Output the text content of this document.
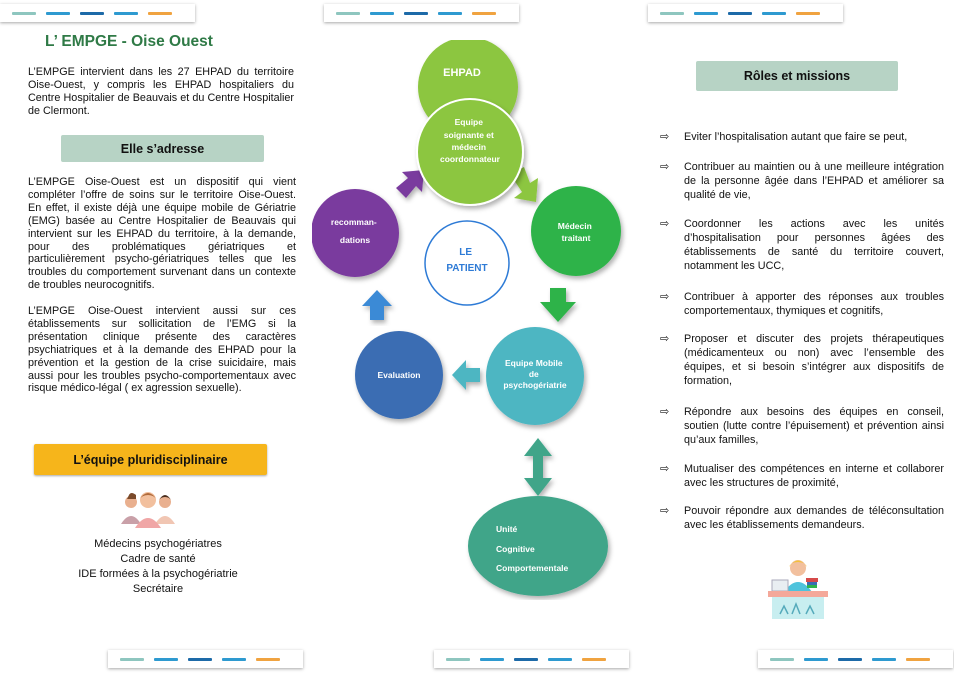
L’ EMPGE - Oise Ouest

L’EMPGE intervient dans les 27 EHPAD du territoire Oise-Ouest, y compris les EHPAD hospitaliers du Centre Hospitalier de Beauvais et du Centre Hospitalier de Clermont.

Elle s’adresse

L’EMPGE Oise-Ouest est un dispositif qui vient compléter l’offre de soins sur le territoire Oise-Ouest. En effet, il existe déjà une équipe mobile de Gériatrie (EMG) basée au Centre Hospitalier de Beauvais qui intervient sur les EHPAD du territoire, à la demande, pour des problématiques gériatriques et particulièrement psycho-gériatriques telles que les troubles du comportement survenant dans un contexte de troubles neurocognitifs.

L’EMPGE Oise-Ouest intervient aussi sur ces établissements sur sollicitation de l’EMG si la présentation clinique présente des caractères psychiatriques et à la demande des EHPAD pour la prévention et la gestion de la crise suicidaire, mais aussi pour les troubles psycho-comportementaux avec risque médico-légal ( ex agression sexuelle).

L’équipe pluridisciplinaire
Médecins psychogériatres
Cadre de santé
IDE formées à la psychogériatrie
Secrétaire
EHPAD
Equipe soignante et médecin coordonnateur
Médecin traitant
Equipe Mobile de psychogériatrie
Evaluation
recomman- dations
LE PATIENT
Unité Cognitive Comportementale
Rôles et missions
⇨ Eviter l’hospitalisation autant que faire se peut,
⇨ Contribuer au maintien ou à une meilleure intégration de la personne âgée dans l’EHPAD et améliorer sa qualité de vie,
⇨ Coordonner les actions avec les unités d’hospitalisation pour personnes âgées des établissements de santé du territoire couvert, notamment les UCC,
⇨ Contribuer à apporter des réponses aux troubles comportementaux, thymiques et cognitifs,
⇨ Proposer et discuter des projets thérapeutiques (médicamenteux ou non) avec l’ensemble des équipes, et si besoin s’intégrer aux dispositifs de formation,
⇨ Répondre aux besoins des équipes en conseil, soutien (lutte contre l’épuisement) et prévention ainsi qu’aux familles,
⇨ Mutualiser des compétences en interne et collaborer avec les structures de proximité,
⇨ Pouvoir répondre aux demandes de téléconsultation avec les établissements demandeurs.
